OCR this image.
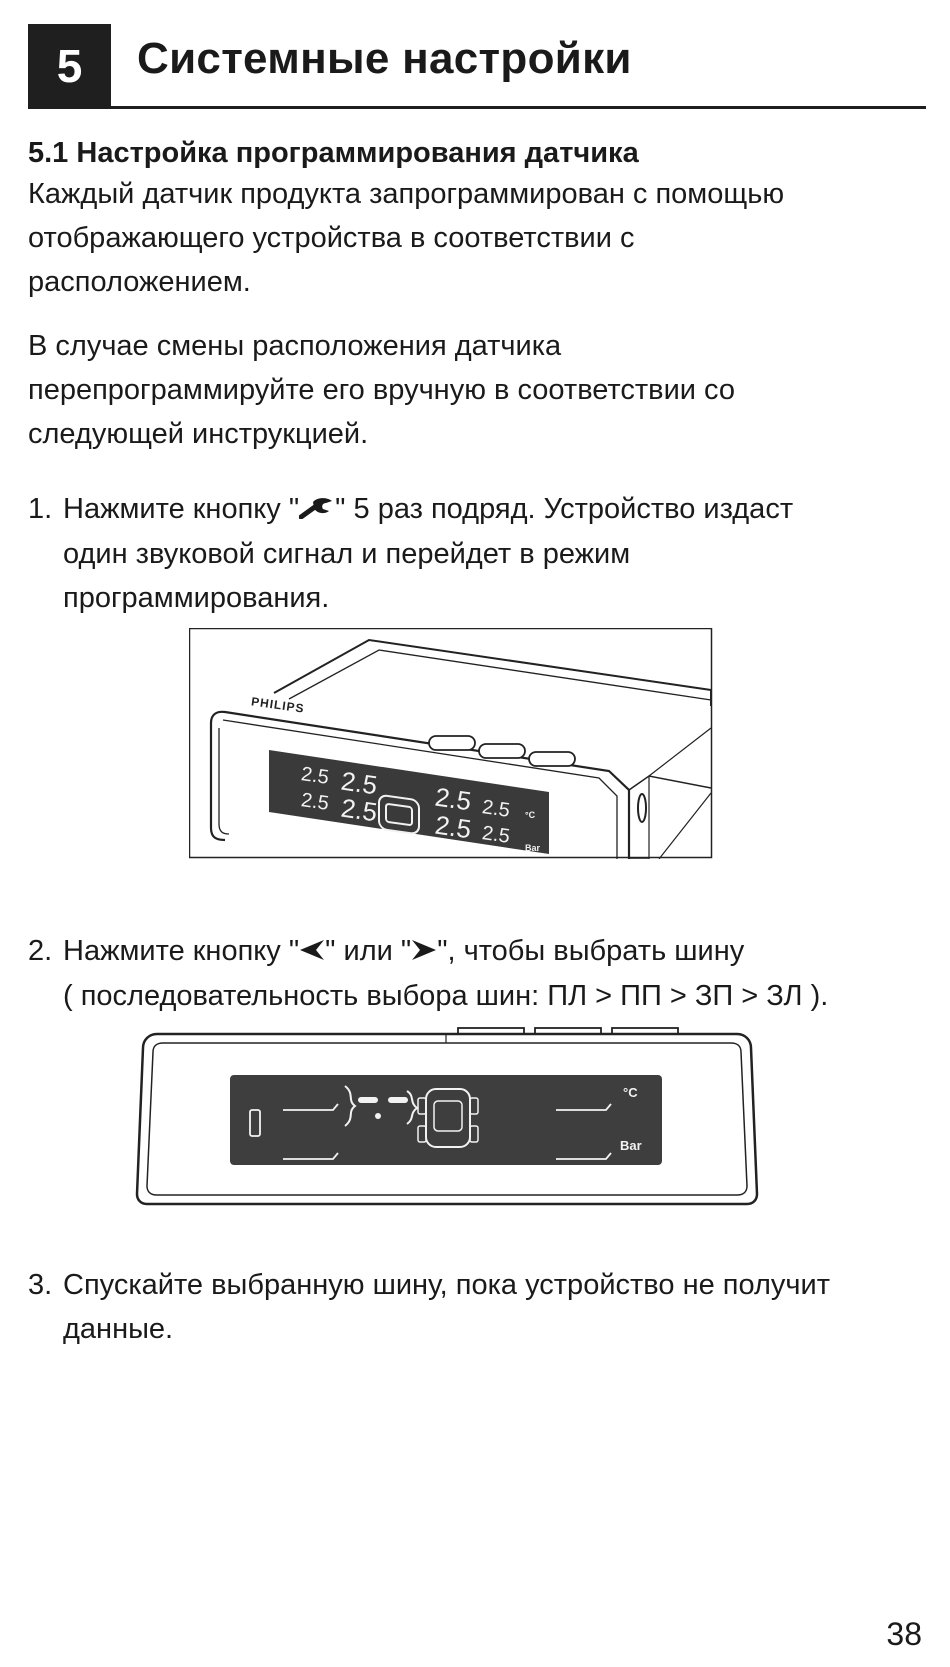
5	Системные настройки
5.1 Настройка программирования датчика
Каждый датчик продукта запрограммирован с помощью
отображающего устройства в соответствии с
расположением.
В случае смены расположения датчика
перепрограммируйте его вручную в соответствии со
следующей инструкцией.
1. Нажмите кнопку " " 5 раз подряд. Устройство издаст
один звуковой сигнал и перейдет в режим
программирования.
PHILIPS
2.5 2.5
2.5 2.5 2.5 2.5
2.5 2.5
°C
Bar
2. Нажмите кнопку " " или " ", чтобы выбрать шину
( последовательность выбора шин: ПЛ > ПП > ЗП > ЗЛ ).
°C
Bar
3. Спускайте выбранную шину, пока устройство не получит
данные.
38
